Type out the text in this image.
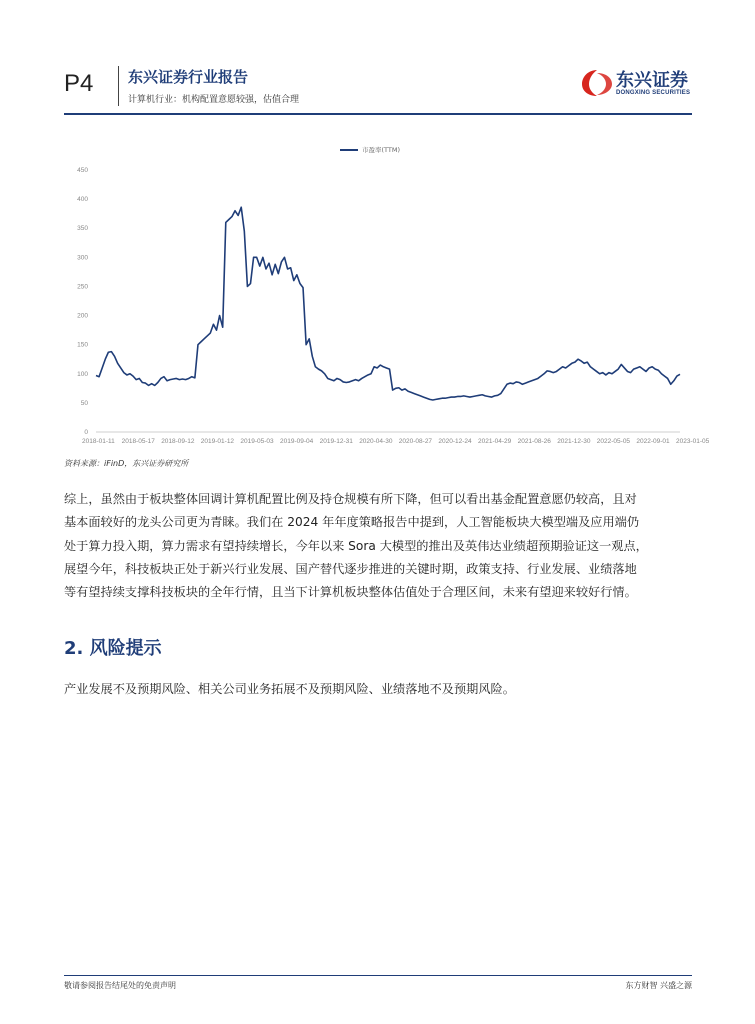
P4 东兴证券行业报告
计算机行业：机构配置意愿较强，估值合理
东兴证券
DONGXING SECURITIES
市盈率(TTM)
450
400
350
300
250
200
150
100
50
0
2018-01-11 2018-05-17 2018-09-12 2019-01-12 2019-05-03 2019-09-04 2019-12-31 2020-04-30 2020-08-27 2020-12-24 2021-04-29 2021-08-26 2021-12-30 2022-05-05 2022-09-01 2023-01-05
资料来源：iFinD，东兴证券研究所
综上，虽然由于板块整体回调计算机配置比例及持仓规模有所下降，但可以看出基金配置意愿仍较高，且对
基本面较好的龙头公司更为青睐。我们在 2024 年年度策略报告中提到，人工智能板块大模型端及应用端仍
处于算力投入期，算力需求有望持续增长，今年以来 Sora 大模型的推出及英伟达业绩超预期验证这一观点，
展望今年，科技板块正处于新兴行业发展、国产替代逐步推进的关键时期，政策支持、行业发展、业绩落地
等有望持续支撑科技板块的全年行情，且当下计算机板块整体估值处于合理区间，未来有望迎来较好行情。
2. 风险提示
产业发展不及预期风险、相关公司业务拓展不及预期风险、业绩落地不及预期风险。
敬请参阅报告结尾处的免责声明	东方财智 兴盛之源
